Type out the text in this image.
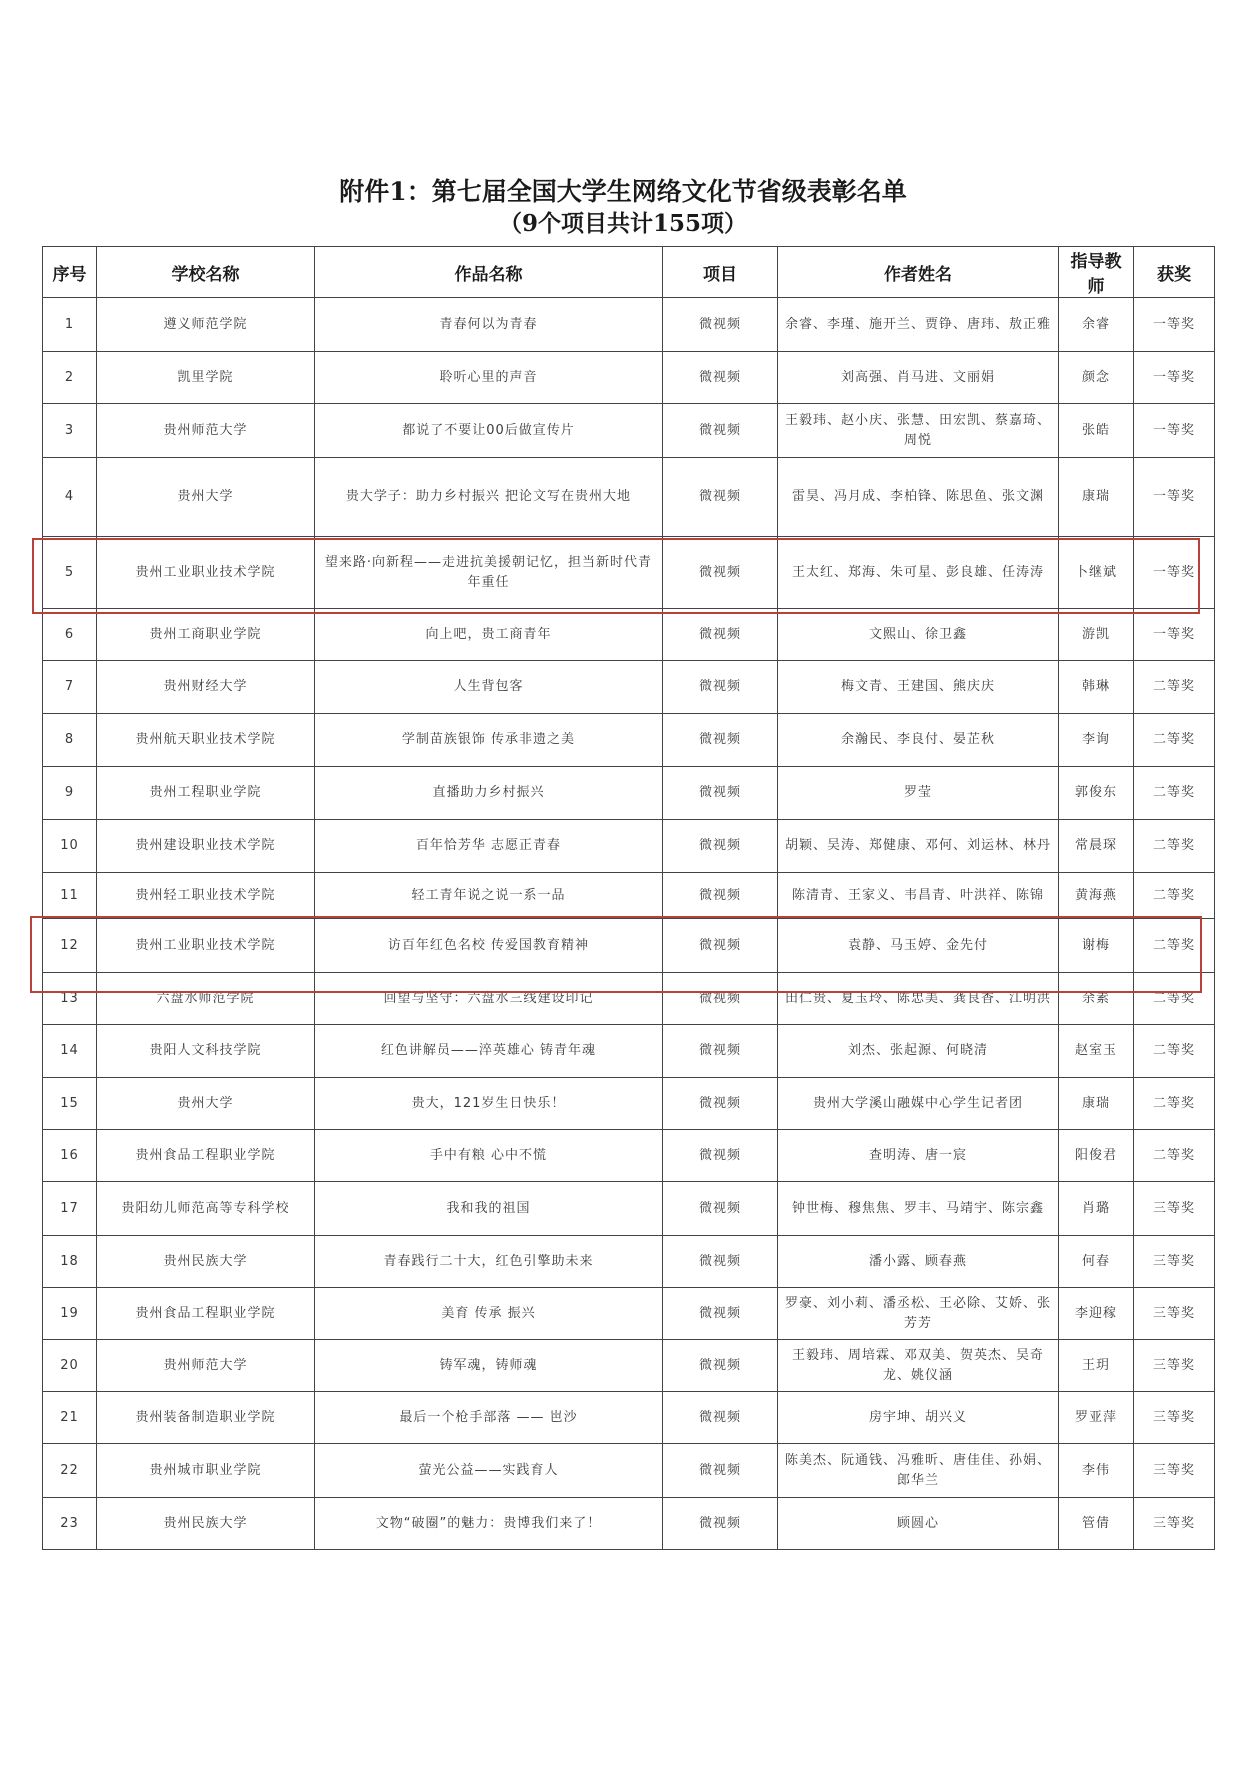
附件1：第七届全国大学生网络文化节省级表彰名单
（9个项目共计155项）
序号	学校名称	作品名称	项目	作者姓名	指导教师	获奖
1	遵义师范学院	青春何以为青春	微视频	余睿、李瑾、施开兰、贾铮、唐玮、敖正雅	余睿	一等奖
2	凯里学院	聆听心里的声音	微视频	刘高强、肖马进、文丽娟	颜念	一等奖
3	贵州师范大学	都说了不要让00后做宣传片	微视频	王毅玮、赵小庆、张慧、田宏凯、蔡嘉琦、周悦	张皓	一等奖
4	贵州大学	贵大学子：助力乡村振兴 把论文写在贵州大地	微视频	雷昊、冯月成、李柏锋、陈思鱼、张文渊	康瑞	一等奖
5	贵州工业职业技术学院	望来路·向新程——走进抗美援朝记忆，担当新时代青年重任	微视频	王太红、郑海、朱可星、彭良雄、任涛涛	卜继斌	一等奖
6	贵州工商职业学院	向上吧，贵工商青年	微视频	文熙山、徐卫鑫	游凯	一等奖
7	贵州财经大学	人生背包客	微视频	梅文青、王建国、熊庆庆	韩琳	二等奖
8	贵州航天职业技术学院	学制苗族银饰 传承非遗之美	微视频	余瀚民、李良付、晏芷秋	李询	二等奖
9	贵州工程职业学院	直播助力乡村振兴	微视频	罗莹	郭俊东	二等奖
10	贵州建设职业技术学院	百年恰芳华 志愿正青春	微视频	胡颖、吴涛、郑健康、邓何、刘运林、林丹	常晨琛	二等奖
11	贵州轻工职业技术学院	轻工青年说之说一系一品	微视频	陈清青、王家义、韦昌青、叶洪祥、陈锦	黄海燕	二等奖
12	贵州工业职业技术学院	访百年红色名校 传爱国教育精神	微视频	袁静、马玉婷、金先付	谢梅	二等奖
13	六盘水师范学院	回望与坚守：六盘水三线建设印记	微视频	田仁贵、夏玉玲、陈忠美、龚良香、江明洪	余素	二等奖
14	贵阳人文科技学院	红色讲解员——淬英雄心 铸青年魂	微视频	刘杰、张起源、何晓清	赵室玉	二等奖
15	贵州大学	贵大，121岁生日快乐！	微视频	贵州大学溪山融媒中心学生记者团	康瑞	二等奖
16	贵州食品工程职业学院	手中有粮 心中不慌	微视频	查明涛、唐一宸	阳俊君	二等奖
17	贵阳幼儿师范高等专科学校	我和我的祖国	微视频	钟世梅、穆焦焦、罗丰、马靖宇、陈宗鑫	肖璐	三等奖
18	贵州民族大学	青春践行二十大，红色引擎助未来	微视频	潘小露、顾春燕	何春	三等奖
19	贵州食品工程职业学院	美育 传承 振兴	微视频	罗豪、刘小莉、潘丞松、王必除、艾娇、张芳芳	李迎稼	三等奖
20	贵州师范大学	铸军魂，铸师魂	微视频	王毅玮、周培霖、邓双美、贺英杰、吴奇龙、姚仪涵	王玥	三等奖
21	贵州装备制造职业学院	最后一个枪手部落 —— 岜沙	微视频	房宇坤、胡兴义	罗亚萍	三等奖
22	贵州城市职业学院	萤光公益——实践育人	微视频	陈美杰、阮通钱、冯雅昕、唐佳佳、孙娟、郎华兰	李伟	三等奖
23	贵州民族大学	文物“破圈”的魅力：贵博我们来了！	微视频	顾圆心	管倩	三等奖
